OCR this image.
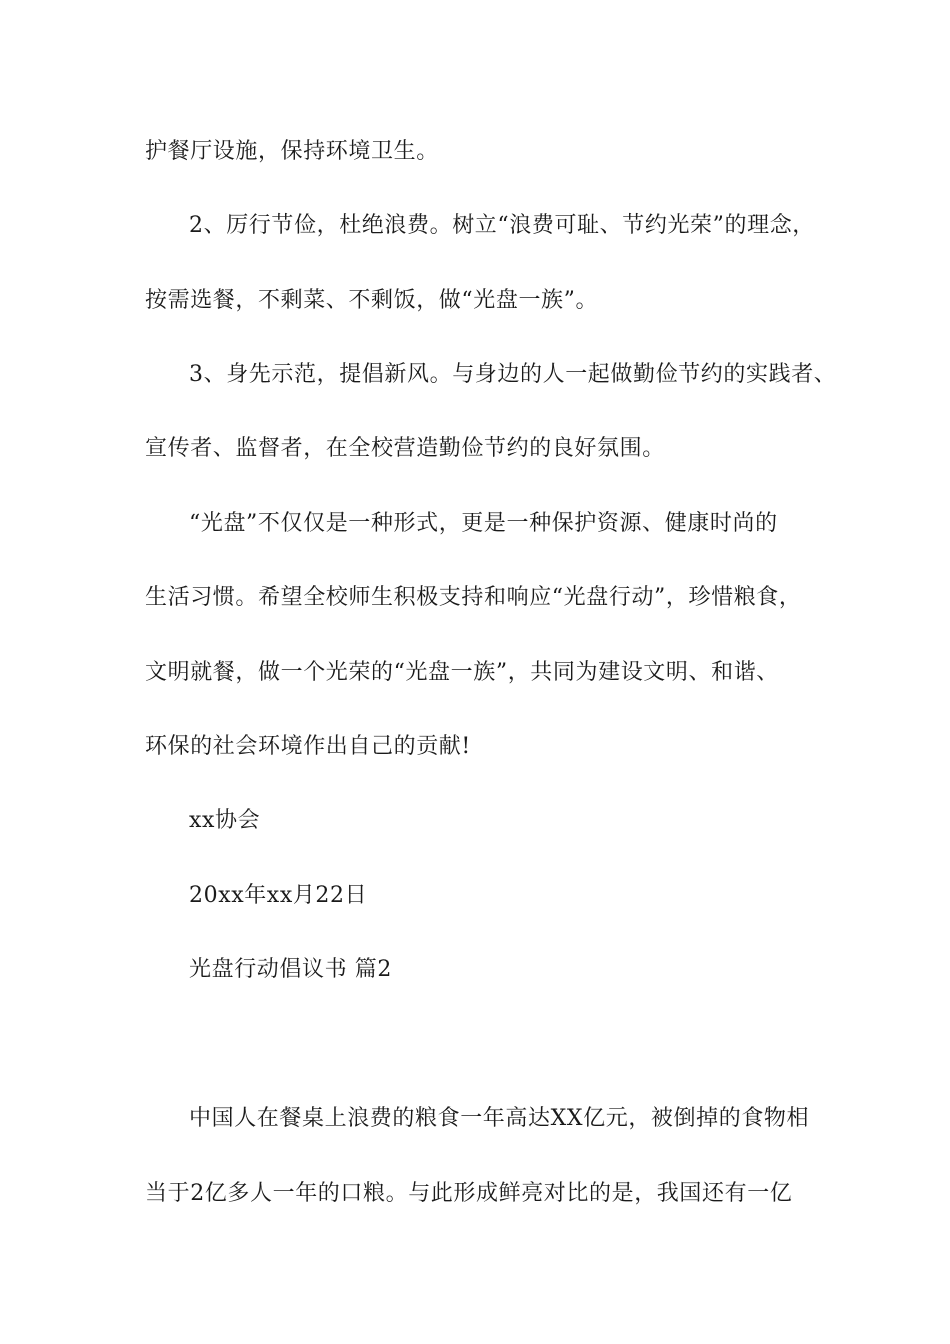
护餐厅设施，保持环境卫生。
2、厉行节俭，杜绝浪费。树立“浪费可耻、节约光荣”的理念，
按需选餐，不剩菜、不剩饭，做“光盘一族”。
3、身先示范，提倡新风。与身边的人一起做勤俭节约的实践者、
宣传者、监督者，在全校营造勤俭节约的良好氛围。
“光盘”不仅仅是一种形式，更是一种保护资源、健康时尚的
生活习惯。希望全校师生积极支持和响应“光盘行动”，珍惜粮食，
文明就餐，做一个光荣的“光盘一族”，共同为建设文明、和谐、
环保的社会环境作出自己的贡献!
xx协会
20xx年xx月22日
光盘行动倡议书 篇2
中国人在餐桌上浪费的粮食一年高达XX亿元，被倒掉的食物相
当于2亿多人一年的口粮。与此形成鲜亮对比的是，我国还有一亿
